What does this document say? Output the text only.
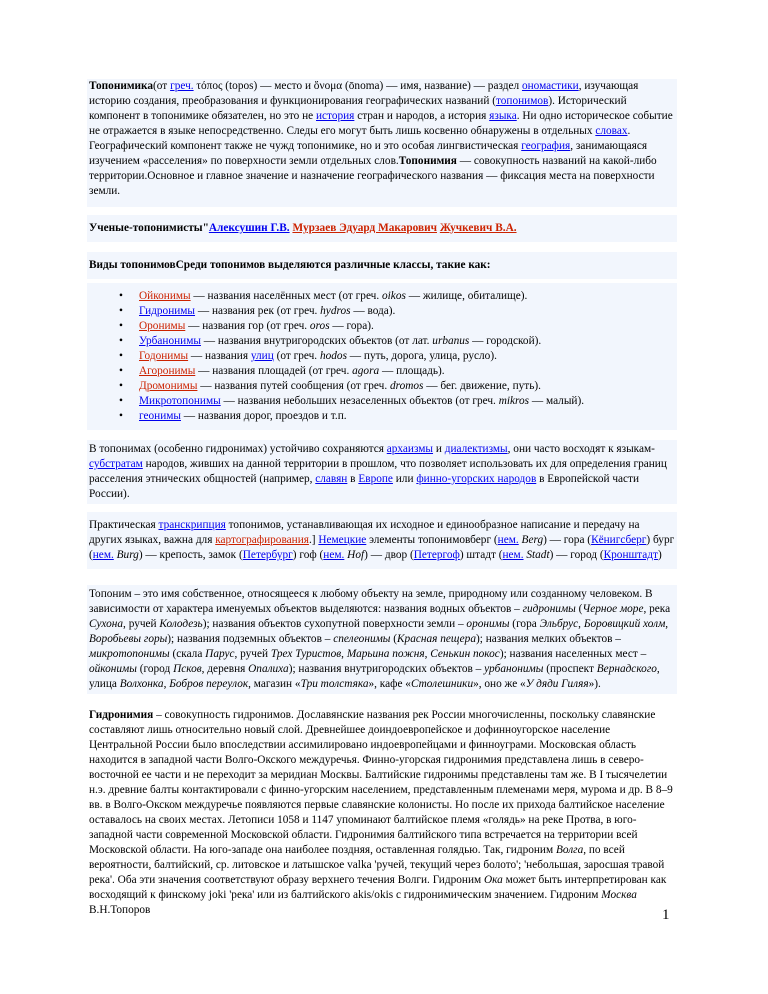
Топонимика(от греч. τόπος (topos) — место и ὄνομα (ōnoma) — имя, название) — раздел ономастики, изучающая историю создания, преобразования и функционирования географических названий (топонимов). Исторический компонент в топонимике обязателен, но это не история стран и народов, а история языка. Ни одно историческое событие не отражается в языке непосредственно. Следы его могут быть лишь косвенно обнаружены в отдельных словах. Географический компонент также не чужд топонимике, но и это особая лингвистическая география, занимающаяся изучением «расселения» по поверхности земли отдельных слов.Топонимия — совокупность названий на какой-либо территории.Основное и главное значение и назначение географического названия — фиксация места на поверхности земли.

Ученые-топонимисты"Алексушин Г.В. Мурзаев Эдуард Макарович Жучкевич В.А.

Виды топонимовСреди топонимов выделяются различные классы, такие как:

• Ойконимы — названия населённых мест (от греч. oikos — жилище, обиталище).
• Гидронимы — названия рек (от греч. hydros — вода).
• Оронимы — названия гор (от греч. oros — гора).
• Урбанонимы — названия внутригородских объектов (от лат. urbanus — городской).
• Годонимы — названия улиц (от греч. hodos — путь, дорога, улица, русло).
• Агоронимы — названия площадей (от греч. agora — площадь).
• Дромонимы — названия путей сообщения (от греч. dromos — бег. движение, путь).
• Микротопонимы — названия небольших незаселенных объектов (от греч. mikros — малый).
• геонимы — названия дорог, проездов и т.п.

В топонимах (особенно гидронимах) устойчиво сохраняются архаизмы и диалектизмы, они часто восходят к языкам-субстратам народов, живших на данной территории в прошлом, что позволяет использовать их для определения границ расселения этнических общностей (например, славян в Европе или финно-угорских народов в Европейской части России).

Практическая транскрипция топонимов, устанавливающая их исходное и единообразное написание и передачу на других языках, важна для картографирования.] Немецкие элементы топонимовберг (нем. Berg) — гора (Кёнигсберг) бург (нем. Burg) — крепость, замок (Петербург) гоф (нем. Hof) — двор (Петергоф) штадт (нем. Stadt) — город (Кронштадт)

Топоним – это имя собственное, относящееся к любому объекту на земле, природному или созданному человеком. В зависимости от характера именуемых объектов выделяются: названия водных объектов – гидронимы (Черное море, река Сухона, ручей Колодезь); названия объектов сухопутной поверхности земли – оронимы (гора Эльбрус, Боровицкий холм, Воробьевы горы); названия подземных объектов – спелеонимы (Красная пещера); названия мелких объектов – микротопонимы (скала Парус, ручей Трех Туристов, Марьина пожня, Сенькин покос); названия населенных мест – ойконимы (город Псков, деревня Опалиха); названия внутригородских объектов – урбанонимы (проспект Вернадского, улица Волхонка, Бобров переулок, магазин «Три толстяка», кафе «Столешники», оно же «У дяди Гиляя»).

Гидронимия – совокупность гидронимов. Дославянские названия рек России многочисленны, поскольку славянские составляют лишь относительно новый слой. Древнейшее доиндоевропейское и дофинноугорское население Центральной России было впоследствии ассимилировано индоевропейцами и финноуграми. Московская область находится в западной части Волго-Окского междуречья. Финно-угорская гидронимия представлена лишь в северо-восточной ее части и не переходит за меридиан Москвы. Балтийские гидронимы представлены там же. В I тысячелетии н.э. древние балты контактировали с финно-угорским населением, представленным племенами меря, мурома и др. В 8–9 вв. в Волго-Окском междуречье появляются первые славянские колонисты. Но после их прихода балтийское население оставалось на своих местах. Летописи 1058 и 1147 упоминают балтийское племя «голядь» на реке Протва, в юго-западной части современной Московской области. Гидронимия балтийского типа встречается на территории всей Московской области. На юго-западе она наиболее поздняя, оставленная голядью. Так, гидроним Волга, по всей вероятности, балтийский, ср. литовское и латышское valka 'ручей, текущий через болото'; 'небольшая, заросшая травой река'. Оба эти значения соответствуют образу верхнего течения Волги. Гидроним Ока может быть интерпретирован как восходящий к финскому joki 'река' или из балтийского akis/okis с гидронимическим значением. Гидроним Москва В.Н.Топоров	1
